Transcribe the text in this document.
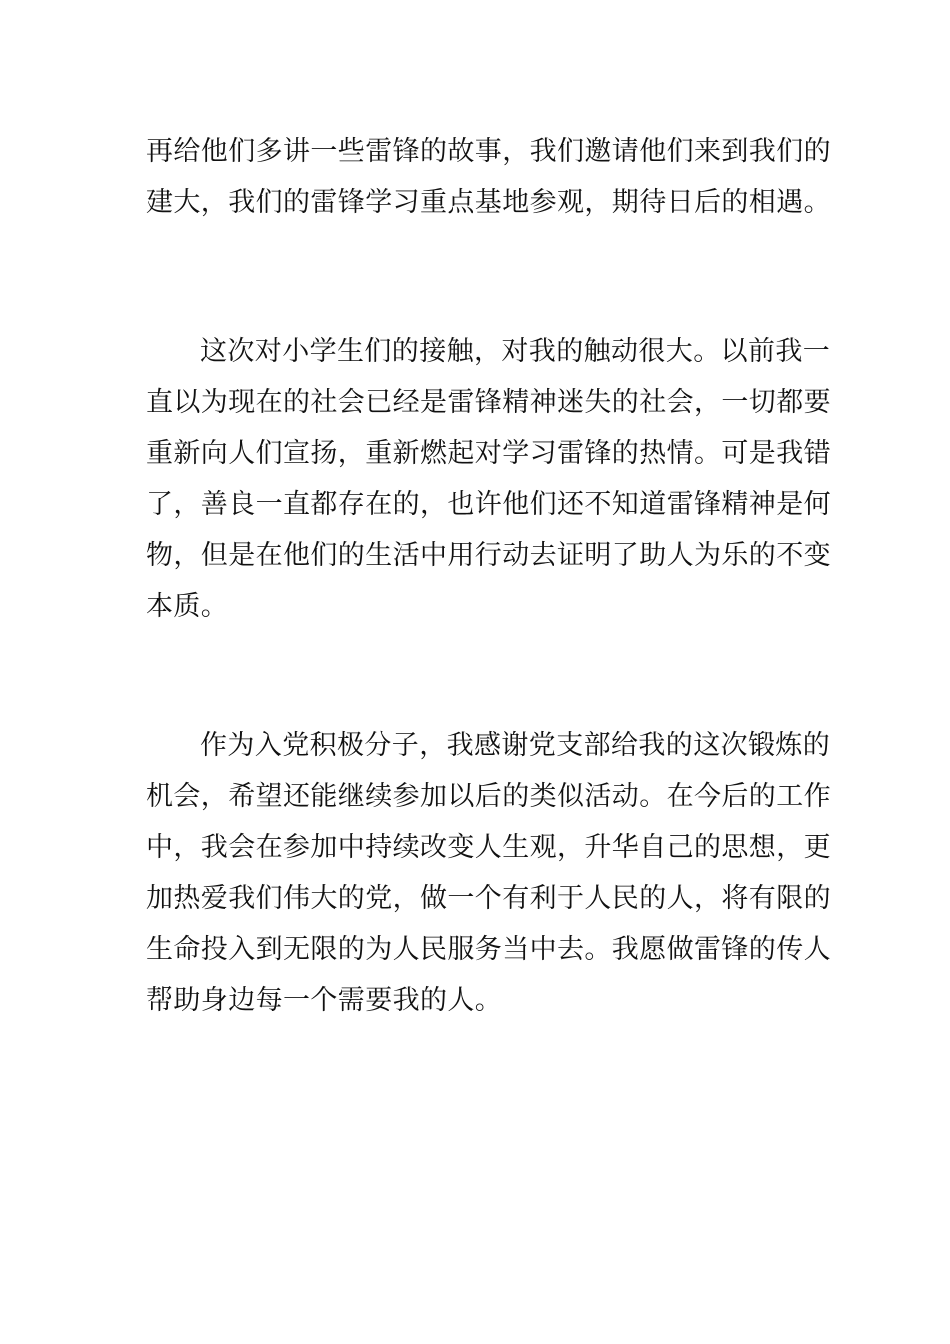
再给他们多讲一些雷锋的故事，我们邀请他们来到我们的
建大，我们的雷锋学习重点基地参观，期待日后的相遇。
这次对小学生们的接触，对我的触动很大。以前我一
直以为现在的社会已经是雷锋精神迷失的社会，一切都要
重新向人们宣扬，重新燃起对学习雷锋的热情。可是我错
了，善良一直都存在的，也许他们还不知道雷锋精神是何
物，但是在他们的生活中用行动去证明了助人为乐的不变
本质。
作为入党积极分子，我感谢党支部给我的这次锻炼的
机会，希望还能继续参加以后的类似活动。在今后的工作
中，我会在参加中持续改变人生观，升华自己的思想，更
加热爱我们伟大的党，做一个有利于人民的人，将有限的
生命投入到无限的为人民服务当中去。我愿做雷锋的传人
帮助身边每一个需要我的人。
